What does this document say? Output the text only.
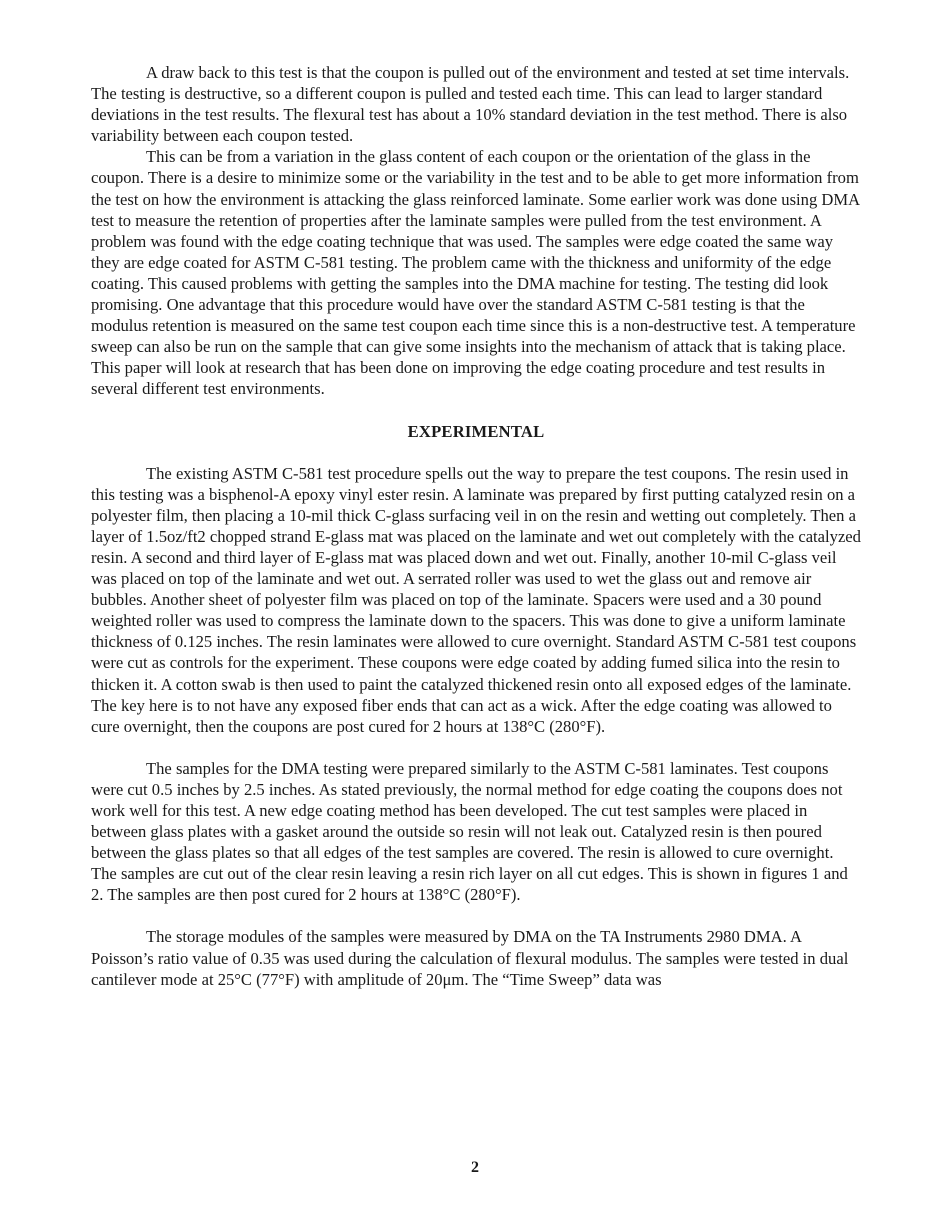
A draw back to this test is that the coupon is pulled out of the environment and tested at set time intervals. The testing is destructive, so a different coupon is pulled and tested each time. This can lead to larger standard deviations in the test results. The flexural test has about a 10% standard deviation in the test method. There is also variability between each coupon tested.

This can be from a variation in the glass content of each coupon or the orientation of the glass in the coupon. There is a desire to minimize some or the variability in the test and to be able to get more information from the test on how the environment is attacking the glass reinforced laminate. Some earlier work was done using DMA test to measure the retention of properties after the laminate samples were pulled from the test environment. A problem was found with the edge coating technique that was used. The samples were edge coated the same way they are edge coated for ASTM C-581 testing. The problem came with the thickness and uniformity of the edge coating. This caused problems with getting the samples into the DMA machine for testing. The testing did look promising. One advantage that this procedure would have over the standard ASTM C-581 testing is that the modulus retention is measured on the same test coupon each time since this is a non-destructive test. A temperature sweep can also be run on the sample that can give some insights into the mechanism of attack that is taking place. This paper will look at research that has been done on improving the edge coating procedure and test results in several different test environments.

EXPERIMENTAL

The existing ASTM C-581 test procedure spells out the way to prepare the test coupons. The resin used in this testing was a bisphenol-A epoxy vinyl ester resin. A laminate was prepared by first putting catalyzed resin on a polyester film, then placing a 10-mil thick C-glass surfacing veil in on the resin and wetting out completely. Then a layer of 1.5oz/ft2 chopped strand E-glass mat was placed on the laminate and wet out completely with the catalyzed resin. A second and third layer of E-glass mat was placed down and wet out. Finally, another 10-mil C-glass veil was placed on top of the laminate and wet out. A serrated roller was used to wet the glass out and remove air bubbles. Another sheet of polyester film was placed on top of the laminate. Spacers were used and a 30 pound weighted roller was used to compress the laminate down to the spacers. This was done to give a uniform laminate thickness of 0.125 inches. The resin laminates were allowed to cure overnight. Standard ASTM C-581 test coupons were cut as controls for the experiment. These coupons were edge coated by adding fumed silica into the resin to thicken it. A cotton swab is then used to paint the catalyzed thickened resin onto all exposed edges of the laminate. The key here is to not have any exposed fiber ends that can act as a wick. After the edge coating was allowed to cure overnight, then the coupons are post cured for 2 hours at 138°C (280°F).

The samples for the DMA testing were prepared similarly to the ASTM C-581 laminates. Test coupons were cut 0.5 inches by 2.5 inches. As stated previously, the normal method for edge coating the coupons does not work well for this test. A new edge coating method has been developed. The cut test samples were placed in between glass plates with a gasket around the outside so resin will not leak out. Catalyzed resin is then poured between the glass plates so that all edges of the test samples are covered. The resin is allowed to cure overnight. The samples are cut out of the clear resin leaving a resin rich layer on all cut edges. This is shown in figures 1 and 2. The samples are then post cured for 2 hours at 138°C (280°F).

The storage modules of the samples were measured by DMA on the TA Instruments 2980 DMA. A Poisson’s ratio value of 0.35 was used during the calculation of flexural modulus. The samples were tested in dual cantilever mode at 25°C (77°F) with amplitude of 20μm. The “Time Sweep” data was

2
